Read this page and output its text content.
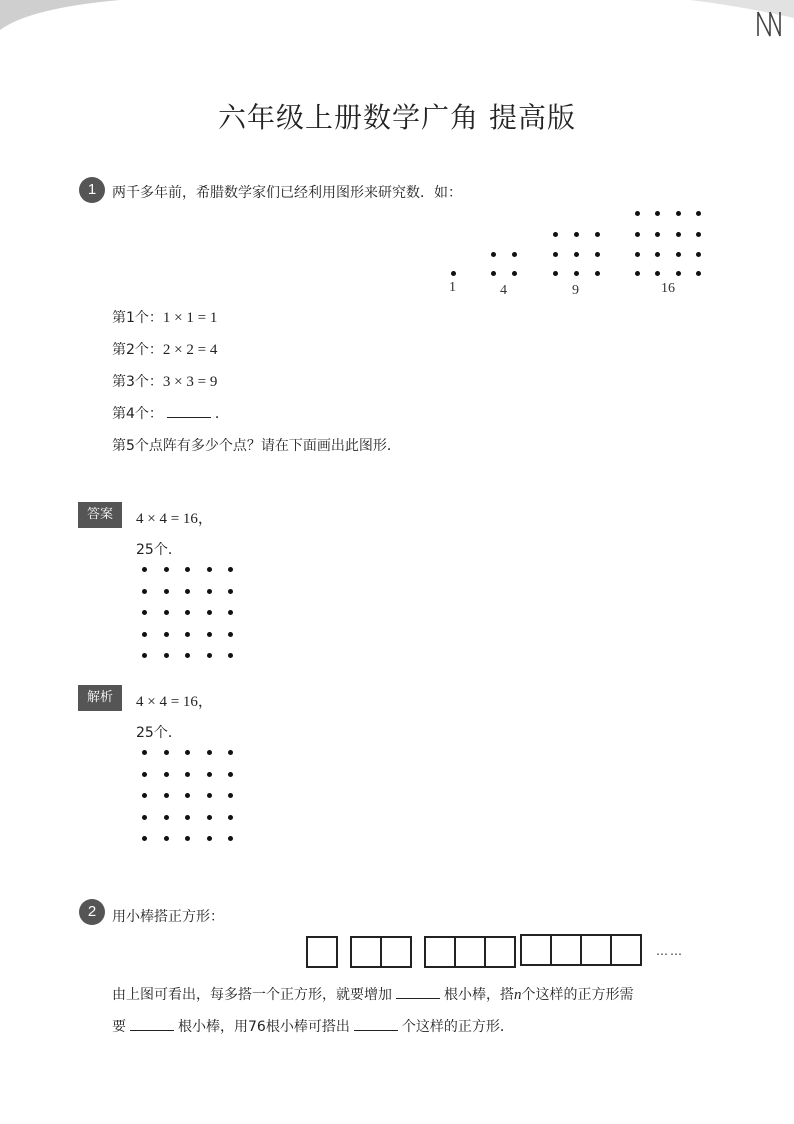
六年级上册数学广角 提高版
1	两千多年前，希腊数学家们已经利用图形来研究数．如：
1	4	9	16
第1个：1 × 1 = 1
第2个：2 × 2 = 4
第3个：3 × 3 = 9
第4个：	．
第5个点阵有多少个点？请在下面画出此图形．
答案	4 × 4 = 16，
25个．
解析	4 × 4 = 16，
25个．
2	用小棒搭正方形：
……
由上图可看出，每多搭一个正方形，就要增加	根小棒，搭n个这样的正方形需
要	根小棒，用76根小棒可搭出	个这样的正方形．
